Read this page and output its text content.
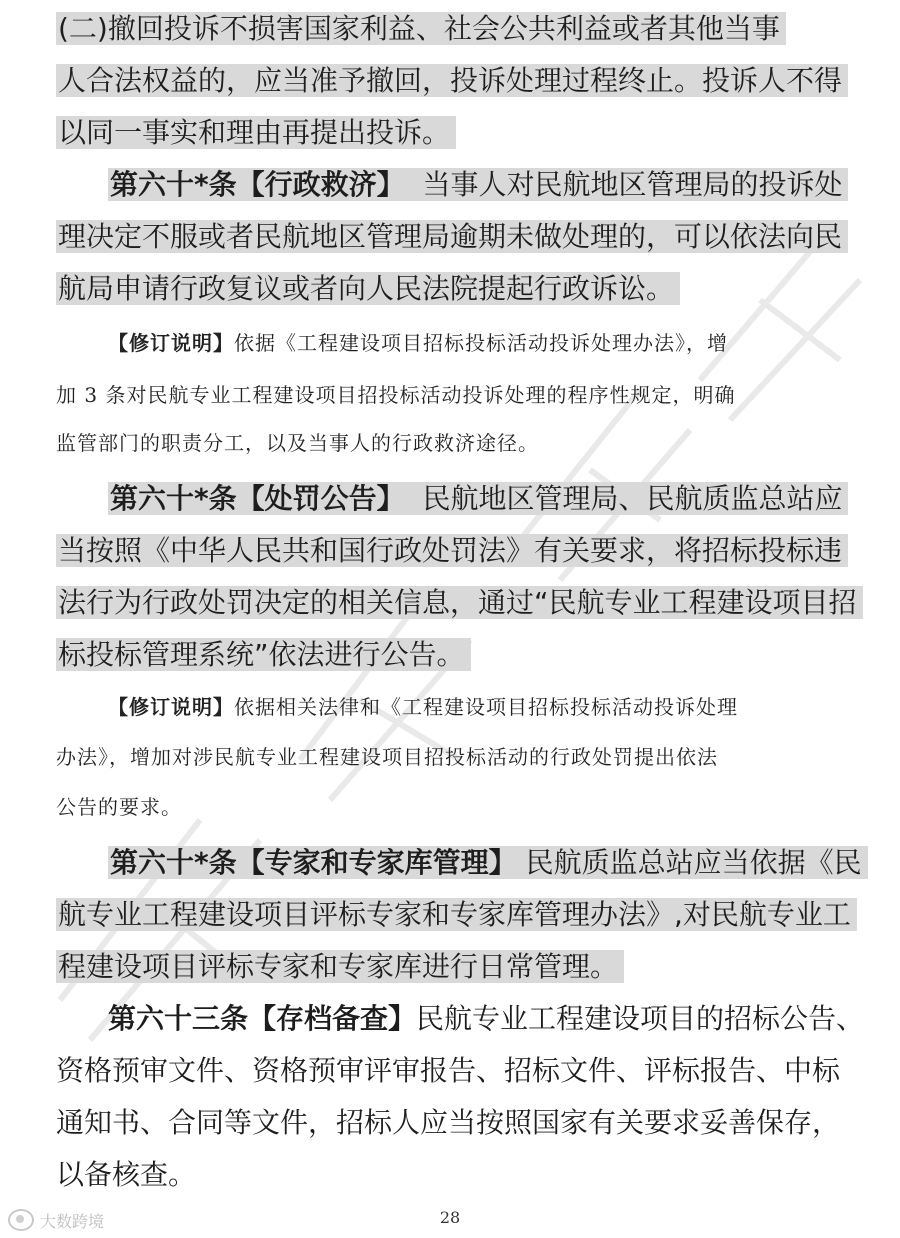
(二)撤回投诉不损害国家利益、社会公共利益或者其他当事
人合法权益的，应当准予撤回，投诉处理过程终止。投诉人不得
以同一事实和理由再提出投诉。
第六十*条【行政救济】 当事人对民航地区管理局的投诉处
理决定不服或者民航地区管理局逾期未做处理的，可以依法向民
航局申请行政复议或者向人民法院提起行政诉讼。
【修订说明】依据《工程建设项目招标投标活动投诉处理办法》，增
加 3 条对民航专业工程建设项目招投标活动投诉处理的程序性规定，明确
监管部门的职责分工，以及当事人的行政救济途径。
第六十*条【处罚公告】 民航地区管理局、民航质监总站应
当按照《中华人民共和国行政处罚法》有关要求，将招标投标违
法行为行政处罚决定的相关信息，通过“民航专业工程建设项目招
标投标管理系统”依法进行公告。
【修订说明】依据相关法律和《工程建设项目招标投标活动投诉处理
办法》，增加对涉民航专业工程建设项目招投标活动的行政处罚提出依法
公告的要求。
第六十*条【专家和专家库管理】 民航质监总站应当依据《民
航专业工程建设项目评标专家和专家库管理办法》,对民航专业工
程建设项目评标专家和专家库进行日常管理。
第六十三条【存档备查】民航专业工程建设项目的招标公告、
资格预审文件、资格预审评审报告、招标文件、评标报告、中标
通知书、合同等文件，招标人应当按照国家有关要求妥善保存，
以备核查。
大数跨境	28
